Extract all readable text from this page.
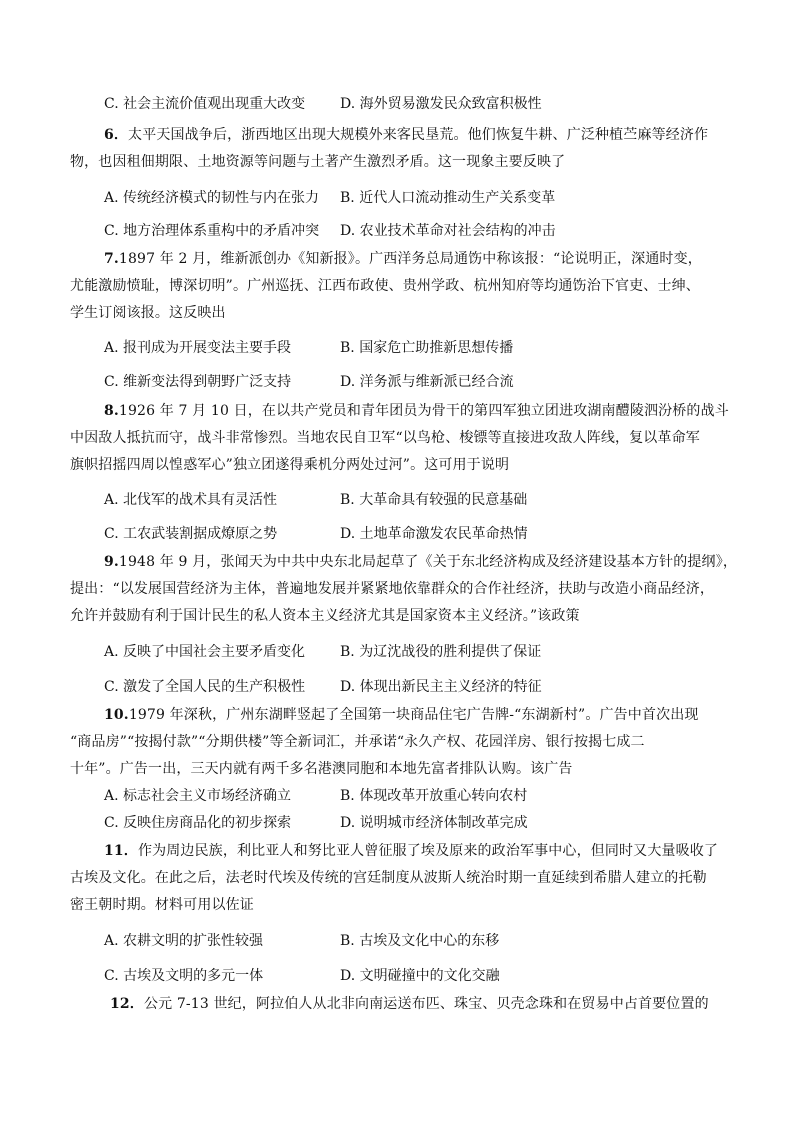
C. 社会主流价值观出现重大改变 D. 海外贸易激发民众致富积极性
6．太平天国战争后，浙西地区出现大规模外来客民垦荒。他们恢复牛耕、广泛种植苎麻等经济作
物，也因租佃期限、土地资源等问题与土著产生激烈矛盾。这一现象主要反映了
A. 传统经济模式的韧性与内在张力 B. 近代人口流动推动生产关系变革
C. 地方治理体系重构中的矛盾冲突 D. 农业技术革命对社会结构的冲击
7.1897 年 2 月，维新派创办《知新报》。广西洋务总局通饬中称该报：“论说明正，深通时变，
尤能激励愤耻，博深切明”。广州巡抚、江西布政使、贵州学政、杭州知府等均通饬治下官吏、士绅、
学生订阅该报。这反映出
A. 报刊成为开展变法主要手段	B. 国家危亡助推新思想传播
C. 维新变法得到朝野广泛支持	D. 洋务派与维新派已经合流
8.1926 年 7 月 10 日，在以共产党员和青年团员为骨干的第四军独立团进攻湖南醴陵泗汾桥的战斗
中因敌人抵抗而守，战斗非常惨烈。当地农民自卫军“以鸟枪、梭镖等直接进攻敌人阵线，复以革命军
旗帜招摇四周以惶惑军心”独立团遂得乘机分两处过河”。这可用于说明
A. 北伐军的战术具有灵活性	B. 大革命具有较强的民意基础
C. 工农武装割据成燎原之势	D. 土地革命激发农民革命热情
9.1948 年 9 月，张闻天为中共中央东北局起草了《关于东北经济构成及经济建设基本方针的提纲》，
提出：“以发展国营经济为主体，普遍地发展并紧紧地依靠群众的合作社经济，扶助与改造小商品经济，
允许并鼓励有利于国计民生的私人资本主义经济尤其是国家资本主义经济。”该政策
A. 反映了中国社会主要矛盾变化 B. 为辽沈战役的胜利提供了保证
C. 激发了全国人民的生产积极性 D. 体现出新民主主义经济的特征
10.1979 年深秋，广州东湖畔竖起了全国第一块商品住宅广告牌-“东湖新村”。广告中首次出现
“商品房”“按揭付款”“分期供楼”等全新词汇，并承诺“永久产权、花园洋房、银行按揭七成二
十年”。广告一出，三天内就有两千多名港澳同胞和本地先富者排队认购。该广告
A. 标志社会主义市场经济确立	B. 体现改革开放重心转向农村
C. 反映住房商品化的初步探索	D. 说明城市经济体制改革完成
11．作为周边民族，利比亚人和努比亚人曾征服了埃及原来的政治军事中心，但同时又大量吸收了
古埃及文化。在此之后，法老时代埃及传统的宫廷制度从波斯人统治时期一直延续到希腊人建立的托勒
密王朝时期。材料可用以佐证
A. 农耕文明的扩张性较强	B. 古埃及文化中心的东移
C. 古埃及文明的多元一体	D. 文明碰撞中的文化交融
12．公元 7-13 世纪，阿拉伯人从北非向南运送布匹、珠宝、贝壳念珠和在贸易中占首要位置的
